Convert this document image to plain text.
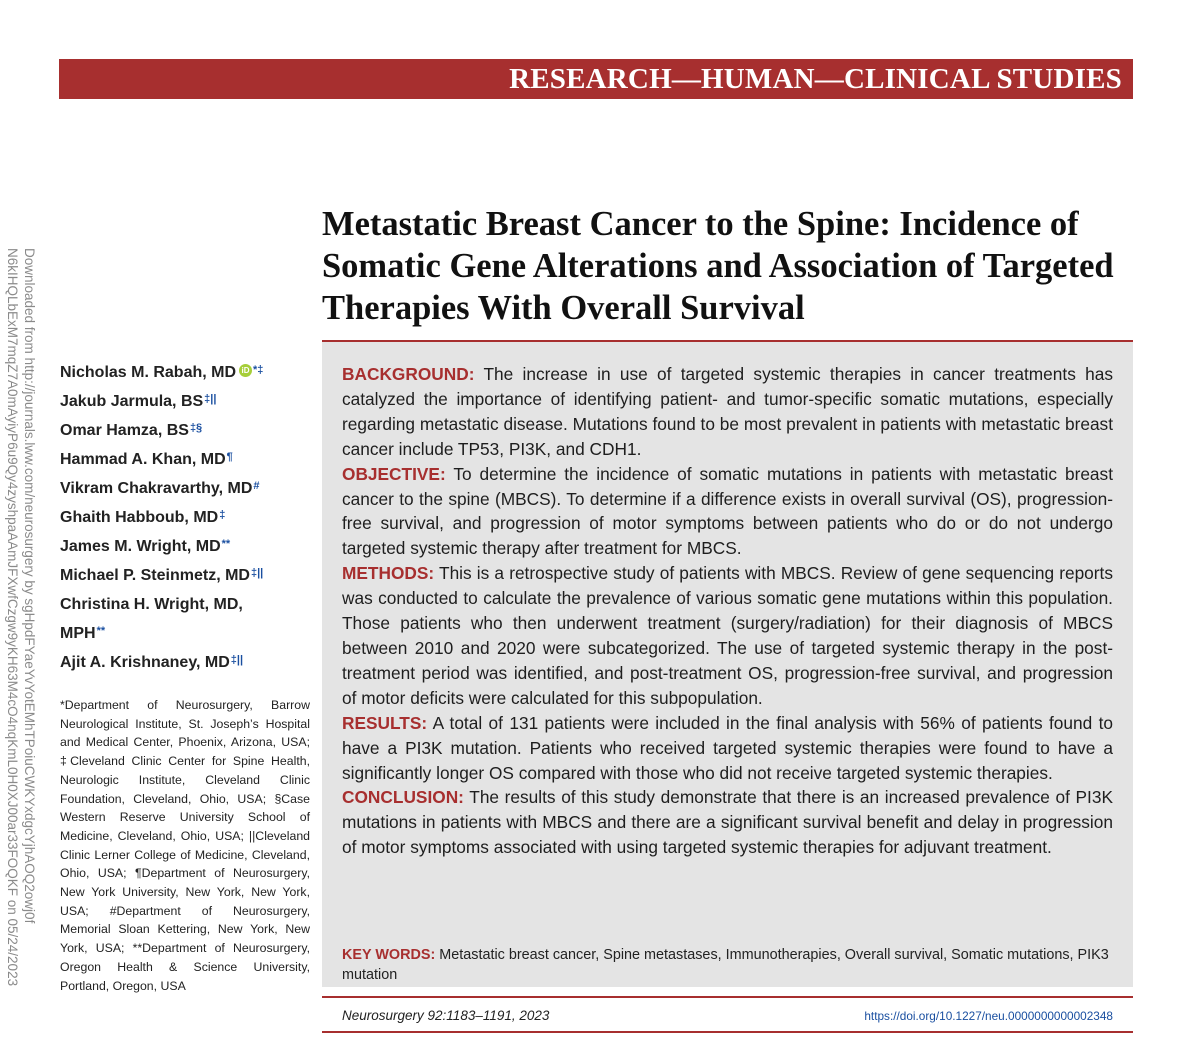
RESEARCH—HUMAN—CLINICAL STUDIES
Downloaded from http://journals.lww.com/neurosurgery by sgHpdFYaeYvYotEMhTPoiuCWKYxdgcYjhAOQ2owj0f
N6kIHQLbExM7mqZ7A0mAyiyP6u9Qy4zyshpaAAmJFXwfCzgw9yKH63M4cO4nqKmL0H0XJ00ar33FOQKF on 05/24/2023
Metastatic Breast Cancer to the Spine: Incidence of Somatic Gene Alterations and Association of Targeted Therapies With Overall Survival
Nicholas M. Rabah, MD iD *‡
Jakub Jarmula, BS‡||
Omar Hamza, BS‡§
Hammad A. Khan, MD¶
Vikram Chakravarthy, MD#
Ghaith Habboub, MD‡
James M. Wright, MD**
Michael P. Steinmetz, MD‡||
Christina H. Wright, MD,
MPH**
Ajit A. Krishnaney, MD‡||
*Department of Neurosurgery, Barrow Neurological Institute, St. Joseph’s Hospital and Medical Center, Phoenix, Arizona, USA; ‡Cleveland Clinic Center for Spine Health, Neurologic Institute, Cleveland Clinic Foundation, Cleveland, Ohio, USA; §Case Western Reserve University School of Medicine, Cleveland, Ohio, USA; ||Cleveland Clinic Lerner College of Medicine, Cleveland, Ohio, USA; ¶Department of Neurosurgery, New York University, New York, New York, USA; #Department of Neurosurgery, Memorial Sloan Kettering, New York, New York, USA; **Department of Neurosurgery, Oregon Health & Science University, Portland, Oregon, USA

BACKGROUND: The increase in use of targeted systemic therapies in cancer treatments has catalyzed the importance of identifying patient- and tumor-specific somatic mutations, especially regarding metastatic disease. Mutations found to be most prevalent in patients with metastatic breast cancer include TP53, PI3K, and CDH1.

OBJECTIVE: To determine the incidence of somatic mutations in patients with metastatic breast cancer to the spine (MBCS). To determine if a difference exists in overall survival (OS), progression-free survival, and progression of motor symptoms between patients who do or do not undergo targeted systemic therapy after treatment for MBCS.

METHODS: This is a retrospective study of patients with MBCS. Review of gene sequencing reports was conducted to calculate the prevalence of various somatic gene mutations within this population. Those patients who then underwent treatment (surgery/radiation) for their diagnosis of MBCS between 2010 and 2020 were subcategorized. The use of targeted systemic therapy in the post-treatment period was identified, and post-treatment OS, progression-free survival, and progression of motor deficits were calculated for this subpopulation.

RESULTS: A total of 131 patients were included in the final analysis with 56% of patients found to have a PI3K mutation. Patients who received targeted systemic therapies were found to have a significantly longer OS compared with those who did not receive targeted systemic therapies.

CONCLUSION: The results of this study demonstrate that there is an increased prevalence of PI3K mutations in patients with MBCS and there are a significant survival benefit and delay in progression of motor symptoms associated with using targeted systemic therapies for adjuvant treatment.

KEY WORDS: Metastatic breast cancer, Spine metastases, Immunotherapies, Overall survival, Somatic mutations, PIK3 mutation
Neurosurgery 92:1183–1191, 2023	https://doi.org/10.1227/neu.0000000000002348
